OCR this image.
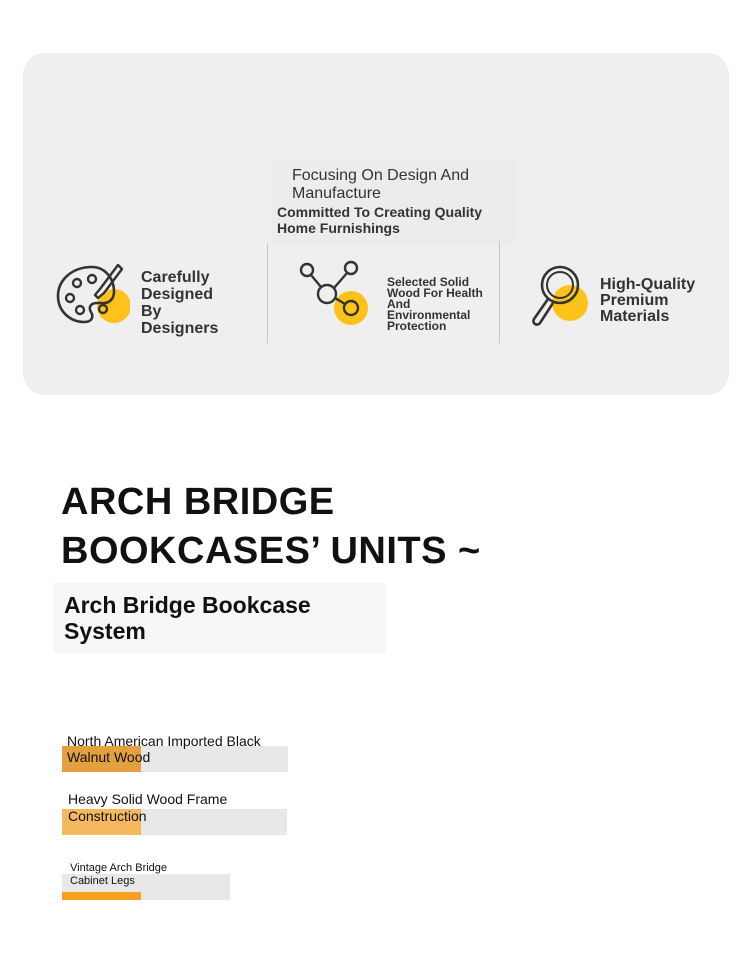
Focusing On Design And Manufacture
Committed To Creating Quality Home Furnishings
Carefully Designed By Designers
Selected Solid Wood For Health And Environmental Protection
High-Quality Premium Materials
ARCH BRIDGE
BOOKCASES’ UNITS ~
Arch Bridge Bookcase System
North American Imported Black Walnut Wood
Heavy Solid Wood Frame Construction
Vintage Arch Bridge Cabinet Legs
